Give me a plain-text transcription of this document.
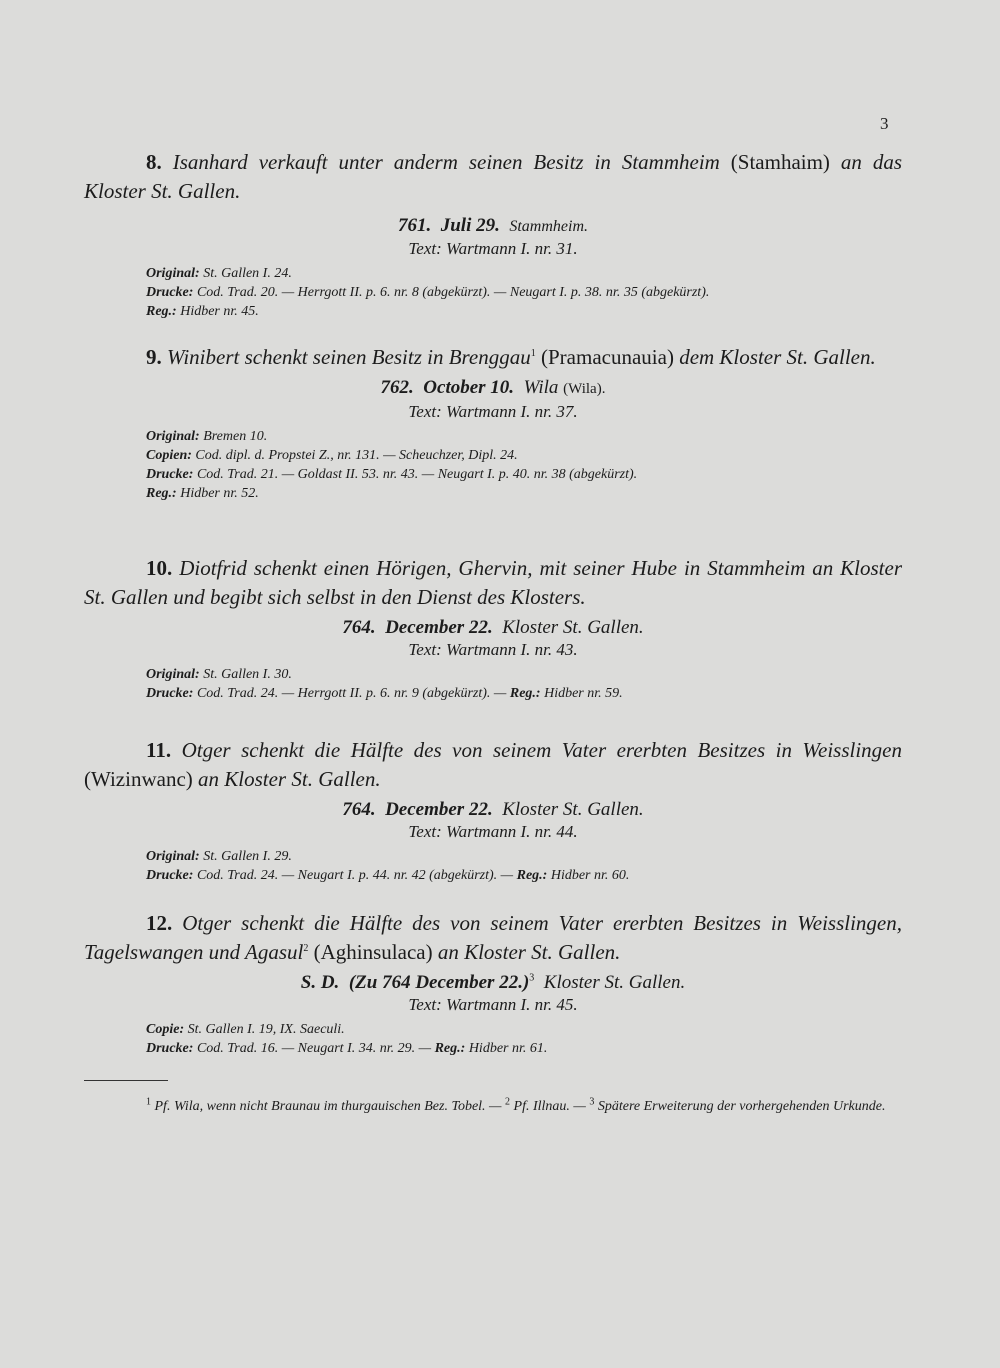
3

8. Isanhard verkauft unter anderm seinen Besitz in Stammheim (Stamhaim) an das Kloster St. Gallen.

761. Juli 29. Stammheim.

Text: Wartmann I. nr. 31.

Original: St. Gallen I. 24.
Drucke: Cod. Trad. 20. — Herrgott II. p. 6. nr. 8 (abgekürzt). — Neugart I. p. 38. nr. 35 (abgekürzt).
Reg.: Hidber nr. 45.

9. Winibert schenkt seinen Besitz in Brenggau$^1$ (Pramacunauia) dem Kloster St. Gallen.

762. October 10. Wila (Wila).

Text: Wartmann I. nr. 37.

Original: Bremen 10.
Copien: Cod. dipl. d. Propstei Z., nr. 131. — Scheuchzer, Dipl. 24.
Drucke: Cod. Trad. 21. — Goldast II. 53. nr. 43. — Neugart I. p. 40. nr. 38 (abgekürzt).
Reg.: Hidber nr. 52.

10. Diotfrid schenkt einen Hörigen, Ghervin, mit seiner Hube in Stammheim an Kloster St. Gallen und begibt sich selbst in den Dienst des Klosters.

764. December 22. Kloster St. Gallen.

Text: Wartmann I. nr. 43.

Original: St. Gallen I. 30.
Drucke: Cod. Trad. 24. — Herrgott II. p. 6. nr. 9 (abgekürzt). — Reg.: Hidber nr. 59.

11. Otger schenkt die Hälfte des von seinem Vater ererbten Besitzes in Weisslingen (Wizinwanc) an Kloster St. Gallen.

764. December 22. Kloster St. Gallen.

Text: Wartmann I. nr. 44.

Original: St. Gallen I. 29.
Drucke: Cod. Trad. 24. — Neugart I. p. 44. nr. 42 (abgekürzt). — Reg.: Hidber nr. 60.

12. Otger schenkt die Hälfte des von seinem Vater ererbten Besitzes in Weisslingen, Tagelswangen und Agasul$^2$ (Aghinsulaca) an Kloster St. Gallen.

S. D. (Zu 764 December 22.)$^3$ Kloster St. Gallen.

Text: Wartmann I. nr. 45.

Copie: St. Gallen I. 19, IX. Saeculi.
Drucke: Cod. Trad. 16. — Neugart I. 34. nr. 29. — Reg.: Hidber nr. 61.
$^1$ Pf. Wila, wenn nicht Braunau im thurgauischen Bez. Tobel. — $^2$ Pf. Illnau. — $^3$ Spätere Erweiterung der vorhergehenden Urkunde.
